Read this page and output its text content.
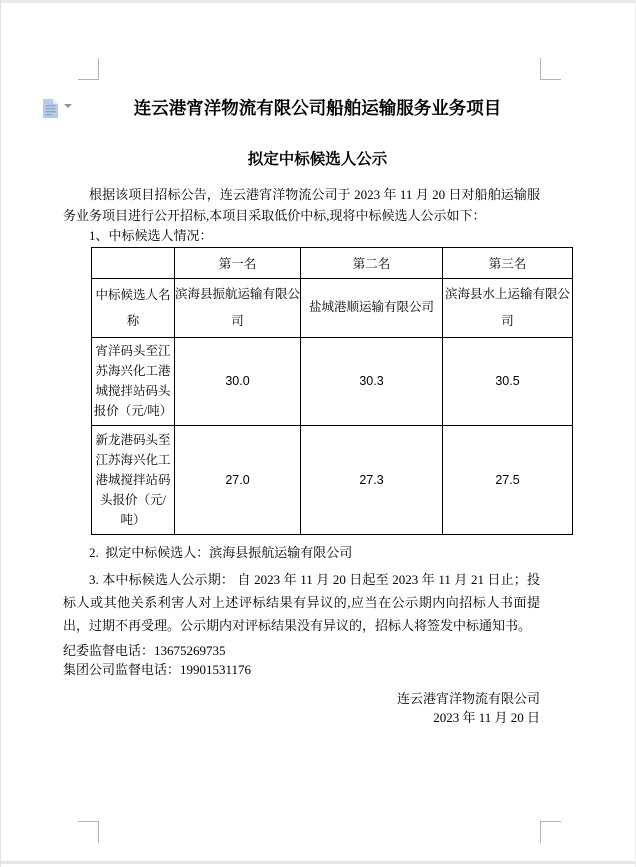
连云港宵洋物流有限公司船舶运输服务业务项目
拟定中标候选人公示
根据该项目招标公告，连云港宵洋物流公司于 2023 年 11 月 20 日对船舶运输服务业务项目进行公开招标,本项目采取低价中标,现将中标候选人公示如下：
1、中标候选人情况：
	第一名	第二名	第三名
中标候选人名称	滨海县振航运输有限公司	盐城港顺运输有限公司	滨海县水上运输有限公司
宵洋码头至江苏海兴化工港城搅拌站码头报价（元/吨）	30.0	30.3	30.5
新龙港码头至江苏海兴化工港城搅拌站码头报价（元/吨）	27.0	27.3	27.5
2.  拟定中标候选人：滨海县振航运输有限公司
3. 本中标候选人公示期： 自 2023 年 11 月 20 日起至 2023 年 11 月 21 日止；投标人或其他关系利害人对上述评标结果有异议的,应当在公示期内向招标人书面提出，过期不再受理。公示期内对评标结果没有异议的，招标人将签发中标通知书。
纪委监督电话：13675269735
集团公司监督电话：19901531176
连云港宵洋物流有限公司
2023 年 11 月 20 日
